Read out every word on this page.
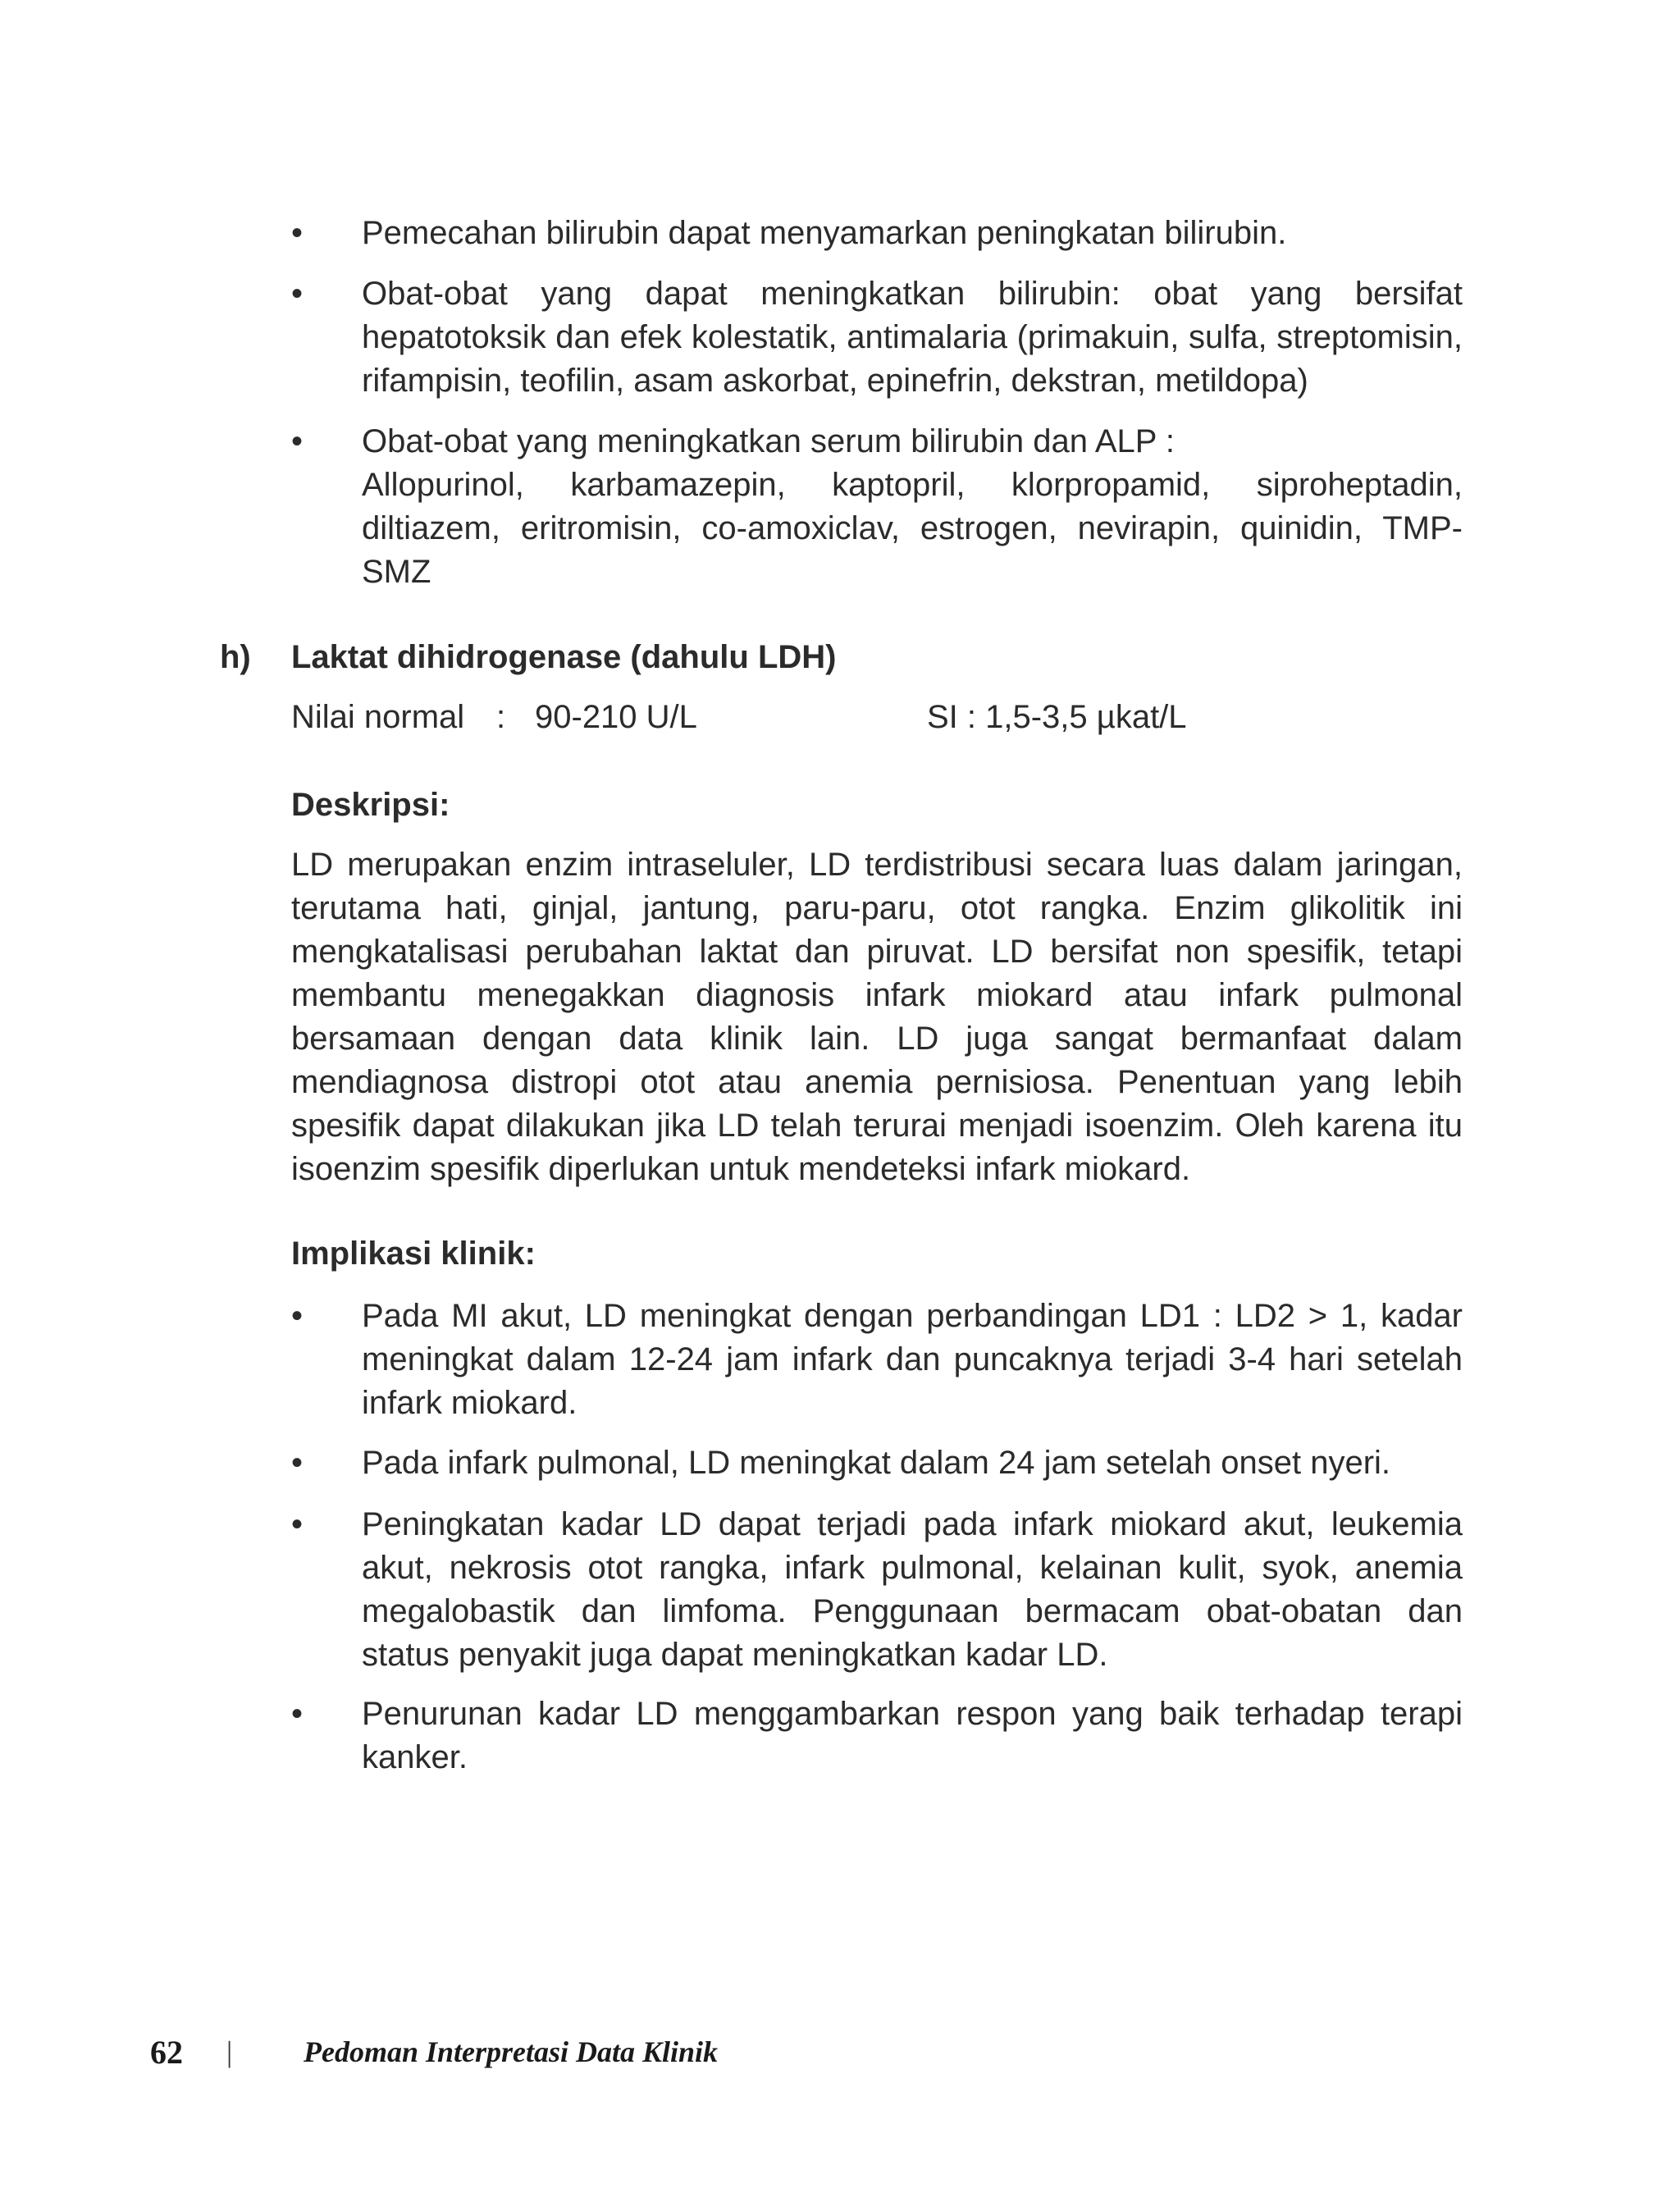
•	Pemecahan bilirubin dapat menyamarkan peningkatan bilirubin.
•	Obat-obat yang dapat meningkatkan bilirubin: obat yang bersifat
hepatotoksik dan efek kolestatik, antimalaria (primakuin, sulfa, streptomisin,
rifampisin, teofilin, asam askorbat, epinefrin, dekstran, metildopa)
•	Obat-obat yang meningkatkan serum bilirubin dan ALP :
Allopurinol, karbamazepin, kaptopril, klorpropamid, siproheptadin,
diltiazem, eritromisin, co-amoxiclav, estrogen, nevirapin, quinidin, TMP-
SMZ
h) Laktat dihidrogenase (dahulu LDH)
Nilai normal : 90-210 U/L	SI : 1,5-3,5 µkat/L
Deskripsi:
LD merupakan enzim intraseluler, LD terdistribusi secara luas dalam jaringan,
terutama hati, ginjal, jantung, paru-paru, otot rangka. Enzim glikolitik ini
mengkatalisasi perubahan laktat dan piruvat. LD bersifat non spesifik, tetapi
membantu menegakkan diagnosis infark miokard atau infark pulmonal
bersamaan dengan data klinik lain. LD juga sangat bermanfaat dalam
mendiagnosa distropi otot atau anemia pernisiosa. Penentuan yang lebih
spesifik dapat dilakukan jika LD telah terurai menjadi isoenzim. Oleh karena itu
isoenzim spesifik diperlukan untuk mendeteksi infark miokard.
Implikasi klinik:
•	Pada MI akut, LD meningkat dengan perbandingan LD1 : LD2 > 1, kadar
meningkat dalam 12-24 jam infark dan puncaknya terjadi 3-4 hari setelah
infark miokard.
•	Pada infark pulmonal, LD meningkat dalam 24 jam setelah onset nyeri.
•	Peningkatan kadar LD dapat terjadi pada infark miokard akut, leukemia
akut, nekrosis otot rangka, infark pulmonal, kelainan kulit, syok, anemia
megalobastik dan limfoma. Penggunaan bermacam obat-obatan dan
status penyakit juga dapat meningkatkan kadar LD.
•	Penurunan kadar LD menggambarkan respon yang baik terhadap terapi
kanker.
62 | Pedoman Interpretasi Data Klinik
